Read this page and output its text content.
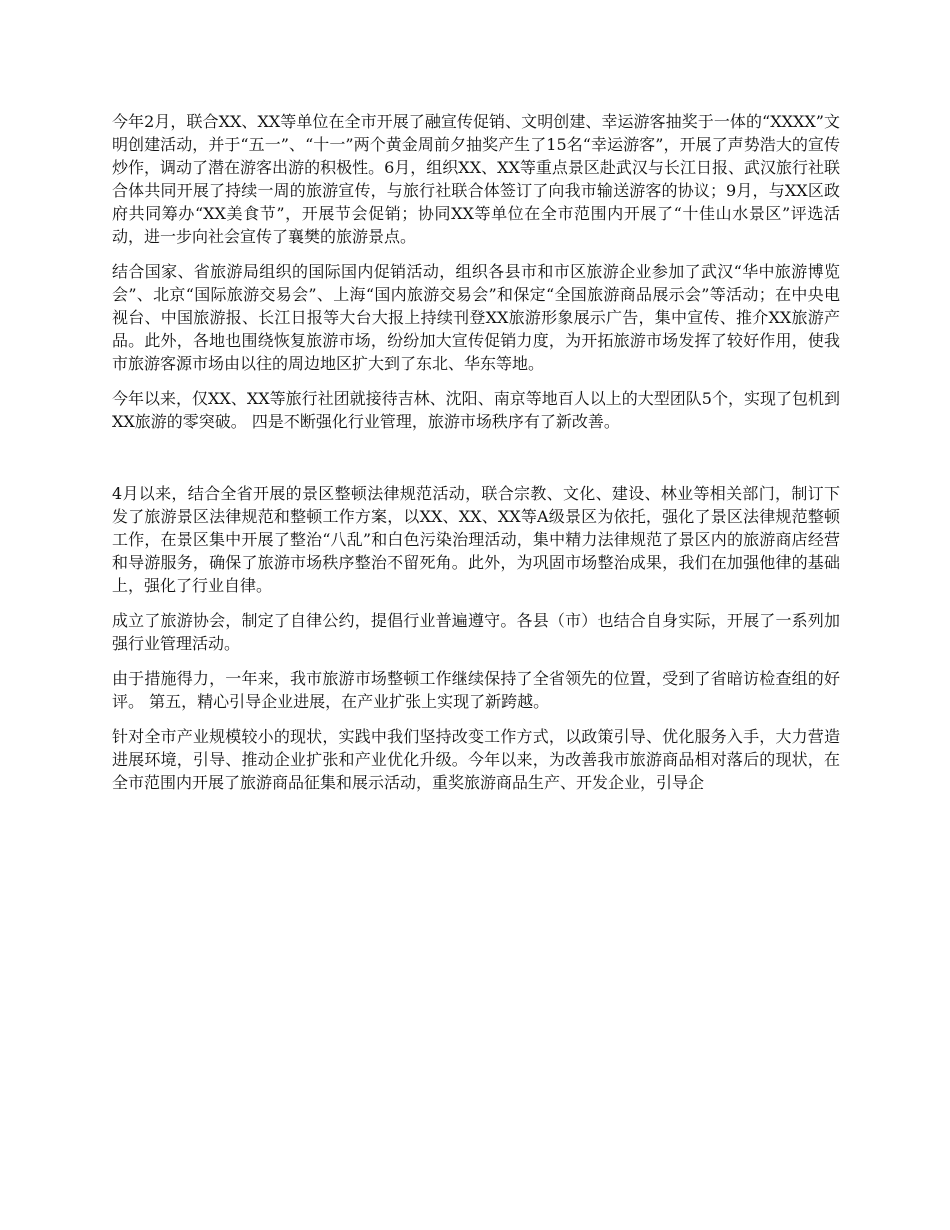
今年2月，联合XX、XX等单位在全市开展了融宣传促销、文明创建、幸运游客抽奖于一体的“XXXX”文明创建活动，并于“五一”、“十一”两个黄金周前夕抽奖产生了15名“幸运游客”，开展了声势浩大的宣传炒作，调动了潜在游客出游的积极性。6月，组织XX、XX等重点景区赴武汉与长江日报、武汉旅行社联合体共同开展了持续一周的旅游宣传，与旅行社联合体签订了向我市输送游客的协议；9月，与XX区政府共同筹办“XX美食节”，开展节会促销；协同XX等单位在全市范围内开展了“十佳山水景区”评选活动，进一步向社会宣传了襄樊的旅游景点。

结合国家、省旅游局组织的国际国内促销活动，组织各县市和市区旅游企业参加了武汉“华中旅游博览会”、北京“国际旅游交易会”、上海“国内旅游交易会”和保定“全国旅游商品展示会”等活动；在中央电视台、中国旅游报、长江日报等大台大报上持续刊登XX旅游形象展示广告，集中宣传、推介XX旅游产品。此外，各地也围绕恢复旅游市场，纷纷加大宣传促销力度，为开拓旅游市场发挥了较好作用，使我市旅游客源市场由以往的周边地区扩大到了东北、华东等地。

今年以来，仅XX、XX等旅行社团就接待吉林、沈阳、南京等地百人以上的大型团队5个，实现了包机到XX旅游的零突破。 四是不断强化行业管理，旅游市场秩序有了新改善。

4月以来，结合全省开展的景区整顿法律规范活动，联合宗教、文化、建设、林业等相关部门，制订下发了旅游景区法律规范和整顿工作方案，以XX、XX、XX等A级景区为依托，强化了景区法律规范整顿工作，在景区集中开展了整治“八乱”和白色污染治理活动，集中精力法律规范了景区内的旅游商店经营和导游服务，确保了旅游市场秩序整治不留死角。此外，为巩固市场整治成果，我们在加强他律的基础上，强化了行业自律。

成立了旅游协会，制定了自律公约，提倡行业普遍遵守。各县（市）也结合自身实际，开展了一系列加强行业管理活动。

由于措施得力，一年来，我市旅游市场整顿工作继续保持了全省领先的位置，受到了省暗访检查组的好评。 第五，精心引导企业进展，在产业扩张上实现了新跨越。

针对全市产业规模较小的现状，实践中我们坚持改变工作方式，以政策引导、优化服务入手，大力营造进展环境，引导、推动企业扩张和产业优化升级。今年以来，为改善我市旅游商品相对落后的现状，在全市范围内开展了旅游商品征集和展示活动，重奖旅游商品生产、开发企业，引导企
